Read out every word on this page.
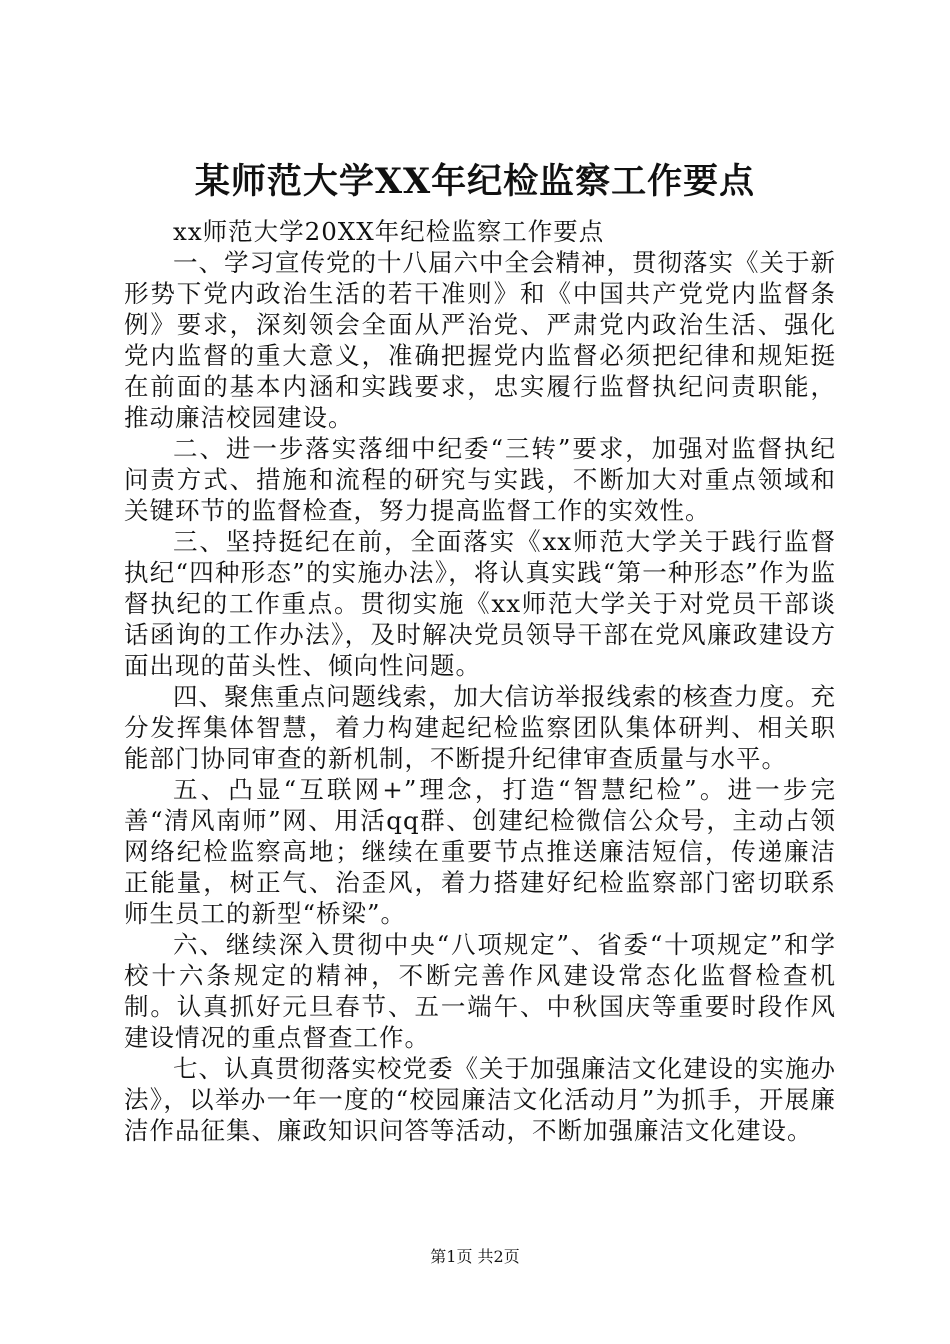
某师范大学XX年纪检监察工作要点

xx师范大学20XX年纪检监察工作要点

一、学习宣传党的十八届六中全会精神，贯彻落实《关于新形势下党内政治生活的若干准则》和《中国共产党党内监督条例》要求，深刻领会全面从严治党、严肃党内政治生活、强化党内监督的重大意义，准确把握党内监督必须把纪律和规矩挺在前面的基本内涵和实践要求，忠实履行监督执纪问责职能，推动廉洁校园建设。

二、进一步落实落细中纪委“三转”要求，加强对监督执纪问责方式、措施和流程的研究与实践，不断加大对重点领域和关键环节的监督检查，努力提高监督工作的实效性。

三、坚持挺纪在前，全面落实《xx师范大学关于践行监督执纪“四种形态”的实施办法》，将认真实践“第一种形态”作为监督执纪的工作重点。贯彻实施《xx师范大学关于对党员干部谈话函询的工作办法》，及时解决党员领导干部在党风廉政建设方面出现的苗头性、倾向性问题。

四、聚焦重点问题线索，加大信访举报线索的核查力度。充分发挥集体智慧，着力构建起纪检监察团队集体研判、相关职能部门协同审查的新机制，不断提升纪律审查质量与水平。

五、凸显“互联网+”理念，打造“智慧纪检”。进一步完善“清风南师”网、用活qq群、创建纪检微信公众号，主动占领网络纪检监察高地；继续在重要节点推送廉洁短信，传递廉洁正能量，树正气、治歪风，着力搭建好纪检监察部门密切联系师生员工的新型“桥梁”。

六、继续深入贯彻中央“八项规定”、省委“十项规定”和学校十六条规定的精神，不断完善作风建设常态化监督检查机制。认真抓好元旦春节、五一端午、中秋国庆等重要时段作风建设情况的重点督查工作。

七、认真贯彻落实校党委《关于加强廉洁文化建设的实施办法》，以举办一年一度的“校园廉洁文化活动月”为抓手，开展廉洁作品征集、廉政知识问答等活动，不断加强廉洁文化建设。

第1页 共2页
